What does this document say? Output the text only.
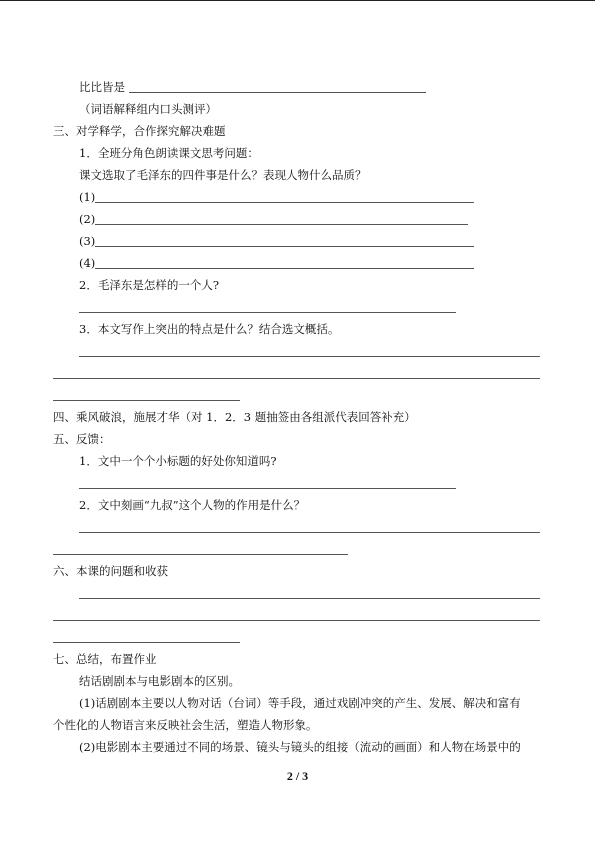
比比皆是
（词语解释组内口头测评）
三、对学释学，合作探究解决难题
1．全班分角色朗读课文思考问题：
课文选取了毛泽东的四件事是什么？表现人物什么品质？
(1)
(2)
(3)
(4)
2．毛泽东是怎样的一个人?
3．本文写作上突出的特点是什么？结合选文概括。
四、乘风破浪，施展才华（对 1．2．3 题抽签由各组派代表回答补充）
五、反馈：
1．文中一个个小标题的好处你知道吗?
2．文中刻画“九叔”这个人物的作用是什么？
六、本课的问题和收获
七、总结，布置作业
结话剧剧本与电影剧本的区别。
(1)话剧剧本主要以人物对话（台词）等手段，通过戏剧冲突的产生、发展、解决和富有
个性化的人物语言来反映社会生活，塑造人物形象。
(2)电影剧本主要通过不同的场景、镜头与镜头的组接（流动的画面）和人物在场景中的
2 / 3
